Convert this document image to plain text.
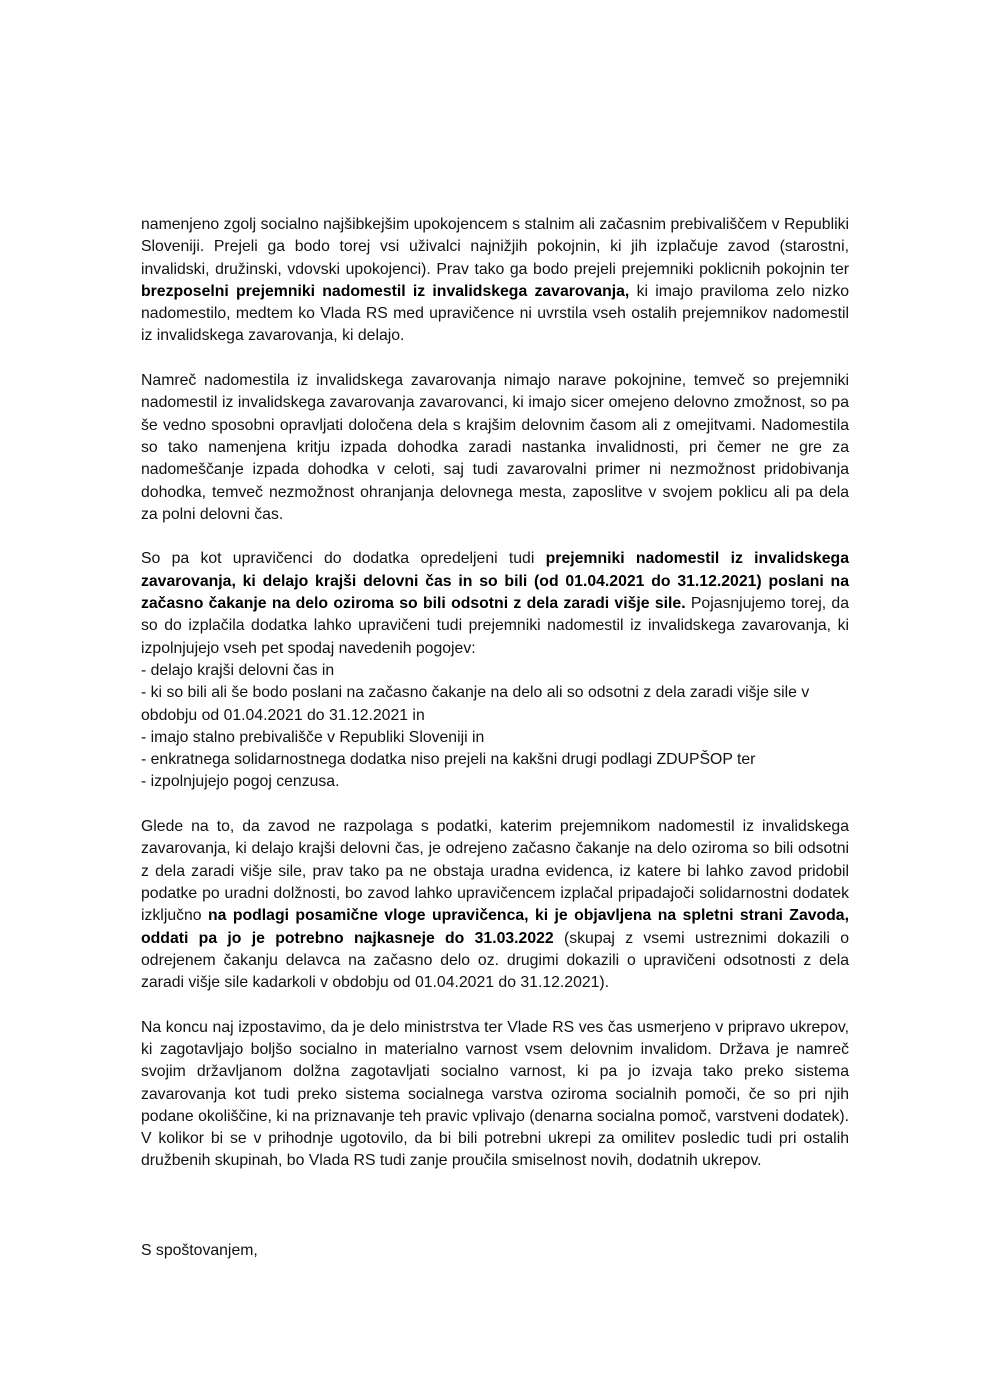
namenjeno zgolj socialno najšibkejšim upokojencem s stalnim ali začasnim prebivališčem v Republiki Sloveniji. Prejeli ga bodo torej vsi uživalci najnižjih pokojnin, ki jih izplačuje zavod (starostni, invalidski, družinski, vdovski upokojenci). Prav tako ga bodo prejeli prejemniki poklicnih pokojnin ter brezposelni prejemniki nadomestil iz invalidskega zavarovanja, ki imajo praviloma zelo nizko nadomestilo, medtem ko Vlada RS med upravičence ni uvrstila vseh ostalih prejemnikov nadomestil iz invalidskega zavarovanja, ki delajo.

Namreč nadomestila iz invalidskega zavarovanja nimajo narave pokojnine, temveč so prejemniki nadomestil iz invalidskega zavarovanja zavarovanci, ki imajo sicer omejeno delovno zmožnost, so pa še vedno sposobni opravljati določena dela s krajšim delovnim časom ali z omejitvami. Nadomestila so tako namenjena kritju izpada dohodka zaradi nastanka invalidnosti, pri čemer ne gre za nadomeščanje izpada dohodka v celoti, saj tudi zavarovalni primer ni nezmožnost pridobivanja dohodka, temveč nezmožnost ohranjanja delovnega mesta, zaposlitve v svojem poklicu ali pa dela za polni delovni čas.

So pa kot upravičenci do dodatka opredeljeni tudi prejemniki nadomestil iz invalidskega zavarovanja, ki delajo krajši delovni čas in so bili (od 01.04.2021 do 31.12.2021) poslani na začasno čakanje na delo oziroma so bili odsotni z dela zaradi višje sile. Pojasnjujemo torej, da so do izplačila dodatka lahko upravičeni tudi prejemniki nadomestil iz invalidskega zavarovanja, ki izpolnjujejo vseh pet spodaj navedenih pogojev:
- delajo krajši delovni čas in
- ki so bili ali še bodo poslani na začasno čakanje na delo ali so odsotni z dela zaradi višje sile v obdobju od 01.04.2021 do 31.12.2021 in
- imajo stalno prebivališče v Republiki Sloveniji in
- enkratnega solidarnostnega dodatka niso prejeli na kakšni drugi podlagi ZDUPŠOP ter
- izpolnjujejo pogoj cenzusa.

Glede na to, da zavod ne razpolaga s podatki, katerim prejemnikom nadomestil iz invalidskega zavarovanja, ki delajo krajši delovni čas, je odrejeno začasno čakanje na delo oziroma so bili odsotni z dela zaradi višje sile, prav tako pa ne obstaja uradna evidenca, iz katere bi lahko zavod pridobil podatke po uradni dolžnosti, bo zavod lahko upravičencem izplačal pripadajoči solidarnostni dodatek izključno na podlagi posamične vloge upravičenca, ki je objavljena na spletni strani Zavoda, oddati pa jo je potrebno najkasneje do 31.03.2022 (skupaj z vsemi ustreznimi dokazili o odrejenem čakanju delavca na začasno delo oz. drugimi dokazili o upravičeni odsotnosti z dela zaradi višje sile kadarkoli v obdobju od 01.04.2021 do 31.12.2021).

Na koncu naj izpostavimo, da je delo ministrstva ter Vlade RS ves čas usmerjeno v pripravo ukrepov, ki zagotavljajo boljšo socialno in materialno varnost vsem delovnim invalidom. Država je namreč svojim državljanom dolžna zagotavljati socialno varnost, ki pa jo izvaja tako preko sistema zavarovanja kot tudi preko sistema socialnega varstva oziroma socialnih pomoči, če so pri njih podane okoliščine, ki na priznavanje teh pravic vplivajo (denarna socialna pomoč, varstveni dodatek). V kolikor bi se v prihodnje ugotovilo, da bi bili potrebni ukrepi za omilitev posledic tudi pri ostalih družbenih skupinah, bo Vlada RS tudi zanje proučila smiselnost novih, dodatnih ukrepov.

S spoštovanjem,
